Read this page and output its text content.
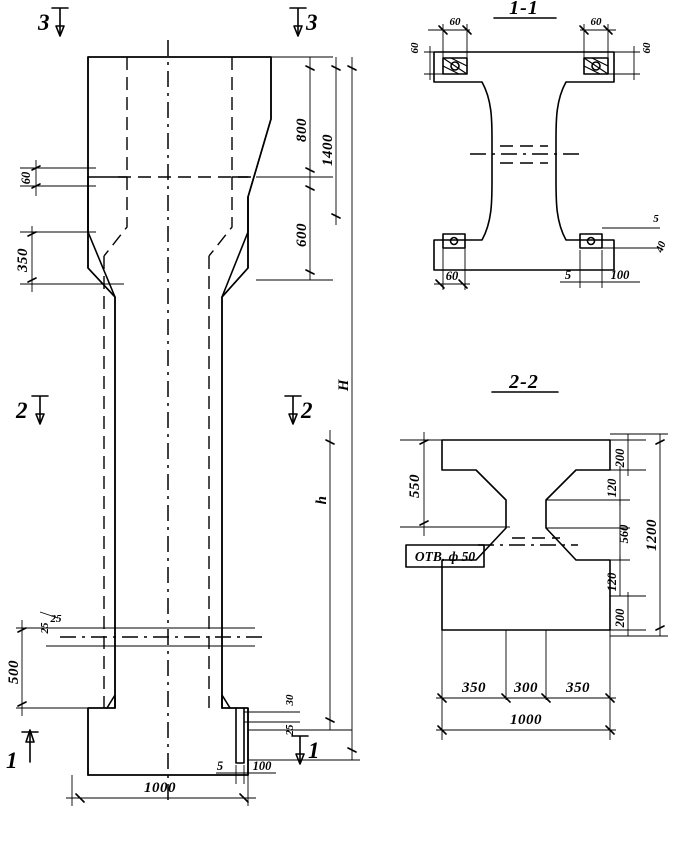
800
600
1400
h
H
60
350
500
25
25
1000
5 100
30
25
3	3
2	2
1	1
1-1
60
60
60
60
60
5
40
5	100
2-2
ОТВ. ф 50
550
200
120
560
120
200
1200
350 300 350
1000
